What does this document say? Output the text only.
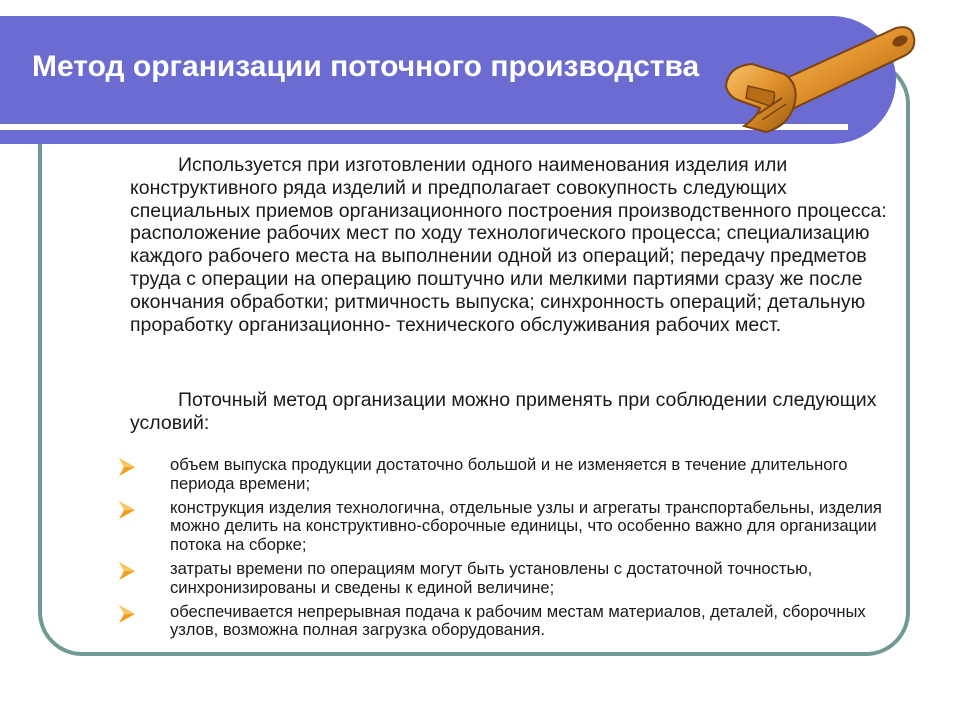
Метод организации поточного производства

Используется при изготовлении одного наименования изделия или конструктивного ряда изделий и предполагает совокупность следующих специальных приемов организационного построения производственного процесса: расположение рабочих мест по ходу технологического процесса; специализацию каждого рабочего места на выполнении одной из операций; передачу предметов труда с операции на операцию поштучно или мелкими партиями сразу же после окончания обработки; ритмичность выпуска; синхронность операций; детальную проработку организационно- технического обслуживания рабочих мест.

Поточный метод организации можно применять при соблюдении следующих условий:

объем выпуска продукции достаточно большой и не изменяется в течение длительного периода времени;
конструкция изделия технологична, отдельные узлы и агрегаты транспортабельны, изделия можно делить на конструктивно-сборочные единицы, что особенно важно для организации потока на сборке;
затраты времени по операциям могут быть установлены с достаточной точностью, синхронизированы и сведены к единой величине;
обеспечивается непрерывная подача к рабочим местам материалов, деталей, сборочных узлов, возможна полная загрузка оборудования.
